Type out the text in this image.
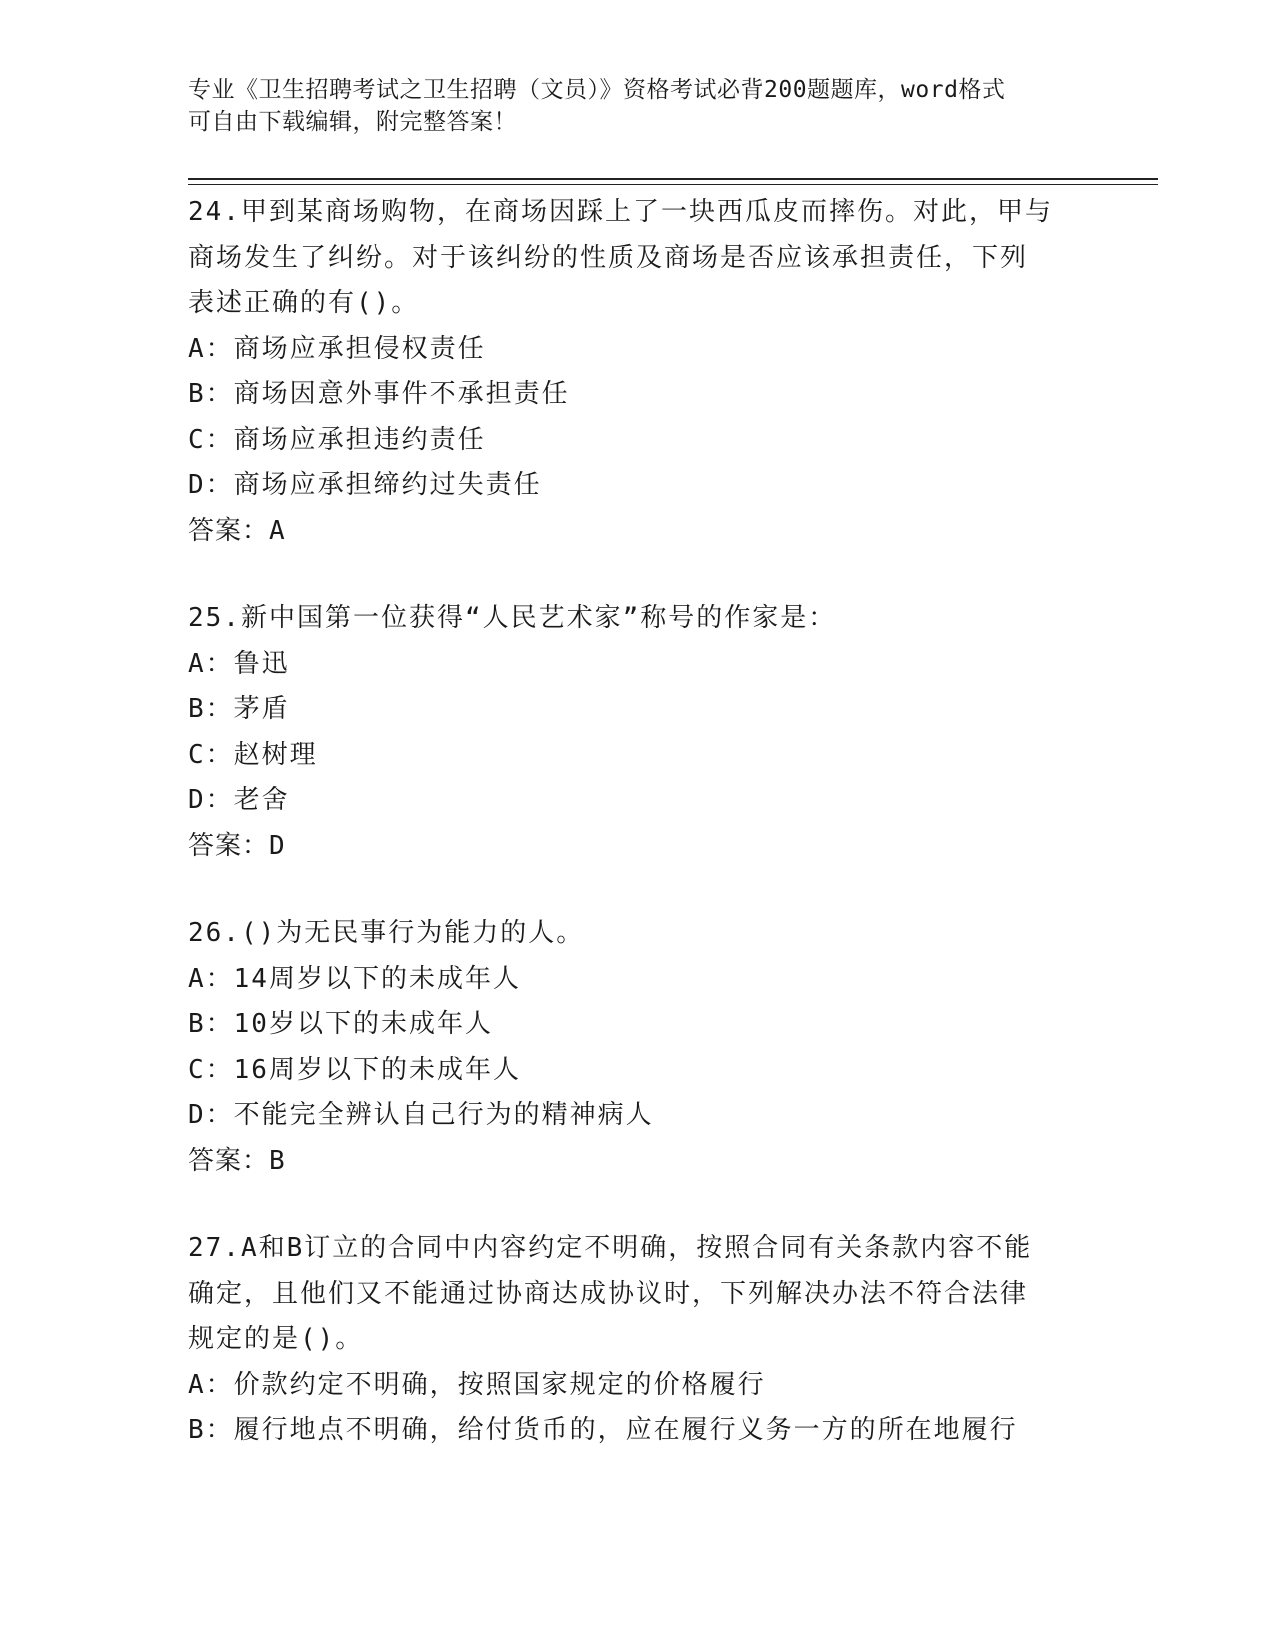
专业《卫生招聘考试之卫生招聘（文员）》资格考试必背200题题库，word格式
可自由下载编辑，附完整答案！
24.甲到某商场购物，在商场因踩上了一块西瓜皮而摔伤。对此，甲与
商场发生了纠纷。对于该纠纷的性质及商场是否应该承担责任，下列
表述正确的有()。
A：商场应承担侵权责任
B：商场因意外事件不承担责任
C：商场应承担违约责任
D：商场应承担缔约过失责任
答案：A
25.新中国第一位获得“人民艺术家”称号的作家是：
A：鲁迅
B：茅盾
C：赵树理
D：老舍
答案：D
26.()为无民事行为能力的人。
A：14周岁以下的未成年人
B：10岁以下的未成年人
C：16周岁以下的未成年人
D：不能完全辨认自己行为的精神病人
答案：B
27.A和B订立的合同中内容约定不明确，按照合同有关条款内容不能
确定，且他们又不能通过协商达成协议时，下列解决办法不符合法律
规定的是()。
A：价款约定不明确，按照国家规定的价格履行
B：履行地点不明确，给付货币的，应在履行义务一方的所在地履行
